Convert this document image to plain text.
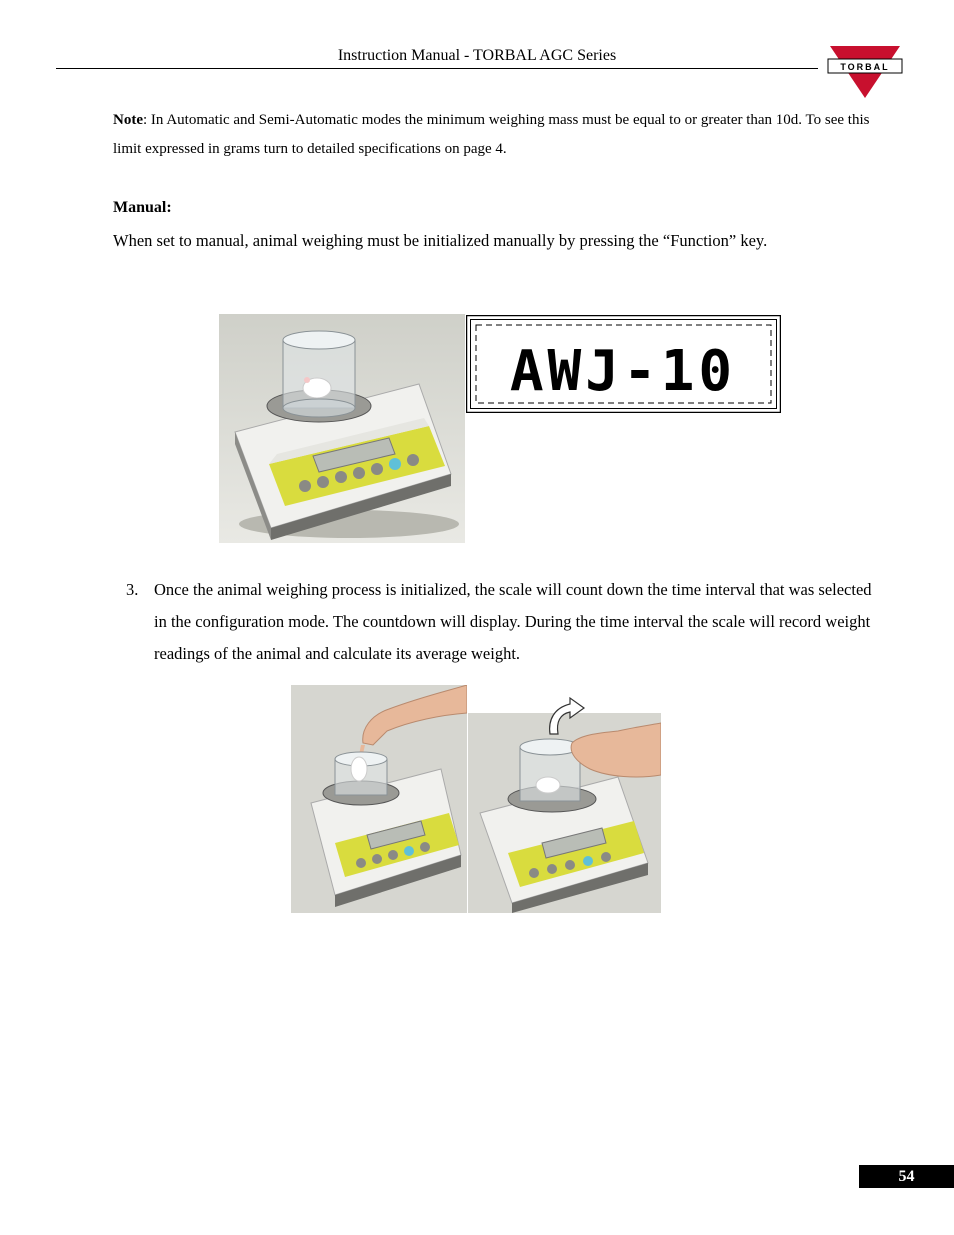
Instruction Manual - TORBAL AGC Series
TORBAL
Note: In Automatic and Semi-Automatic modes the minimum weighing mass must be equal to or greater than 10d. To see this limit expressed in grams turn to detailed specifications on page 4.
Manual:
When set to manual, animal weighing must be initialized manually by pressing the “Function” key.
AWJ-10
3. Once the animal weighing process is initialized, the scale will count down the time interval that was selected in the configuration mode. The countdown will display. During the time interval the scale will record weight readings of the animal and calculate its average weight.
54
